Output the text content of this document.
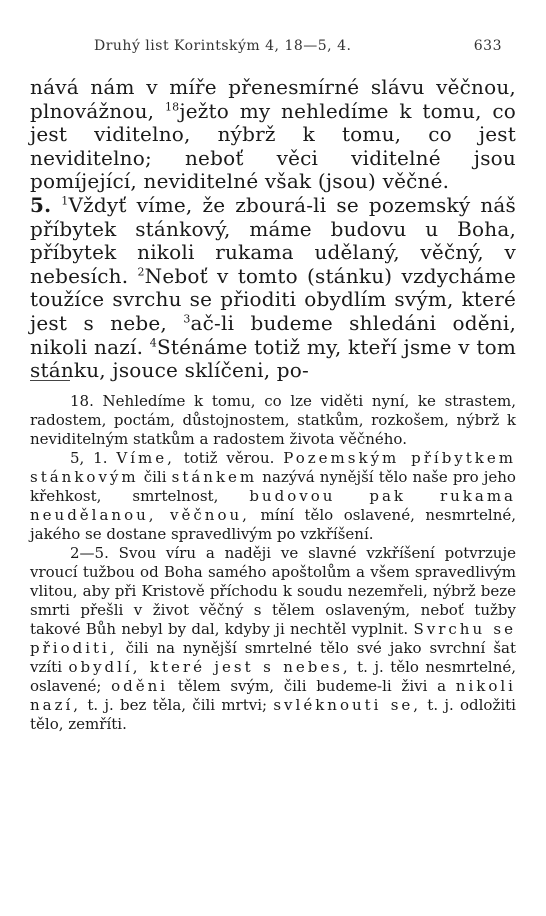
Druhý list Korintským 4, 18—5, 4.	633

nává nám v míře přenesmírné slávu věčnou, plnovážnou, $^{18}$ježto my nehledíme k tomu, co jest viditelno, nýbrž k tomu, co jest neviditelno; neboť věci viditelné jsou pomíjející, neviditelné však (jsou) věčné.

5. $^1$Vždyť víme, že zbourá-li se pozemský náš příbytek stánkový, máme budovu u Boha, příbytek nikoli rukama udělaný, věčný, v nebesích. $^2$Neboť v tomto (stánku) vzdycháme toužíce svrchu se přioditi obydlím svým, které jest s nebe, $^3$ač-li budeme shledáni oděni, nikoli nazí. $^4$Sténáme totiž my, kteří jsme v tom stánku, jsouce sklíčeni, po-

18. Nehledíme k tomu, co lze viděti nyní, ke strastem, radostem, poctám, důstojnostem, statkům, rozkošem, nýbrž k neviditelným statkům a radostem života věčného.

5, 1. Víme, totiž věrou. Pozemským příbytkem stánkovým čili stánkem nazývá nynější tělo naše pro jeho křehkost, smrtelnost, budovou pak rukama neudělanou, věčnou, míní tělo oslavené, nesmrtelné, jakého se dostane spravedlivým po vzkříšení.

2—5. Svou víru a naději ve slavné vzkříšení potvrzuje vroucí tužbou od Boha samého apoštolům a všem spravedlivým vlitou, aby při Kristově příchodu k soudu nezemřeli, nýbrž beze smrti přešli v život věčný s tělem oslaveným, neboť tužby takové Bůh nebyl by dal, kdyby ji nechtěl vyplnit. Svrchu se přioditi, čili na nynější smrtelné tělo své jako svrchní šat vzíti obydlí, které jest s nebes, t. j. tělo nesmrtelné, oslavené; oděni tělem svým, čili budeme-li živi a nikoli nazí, t. j. bez těla, čili mrtvi; svléknouti se, t. j. odložiti tělo, zemříti.
